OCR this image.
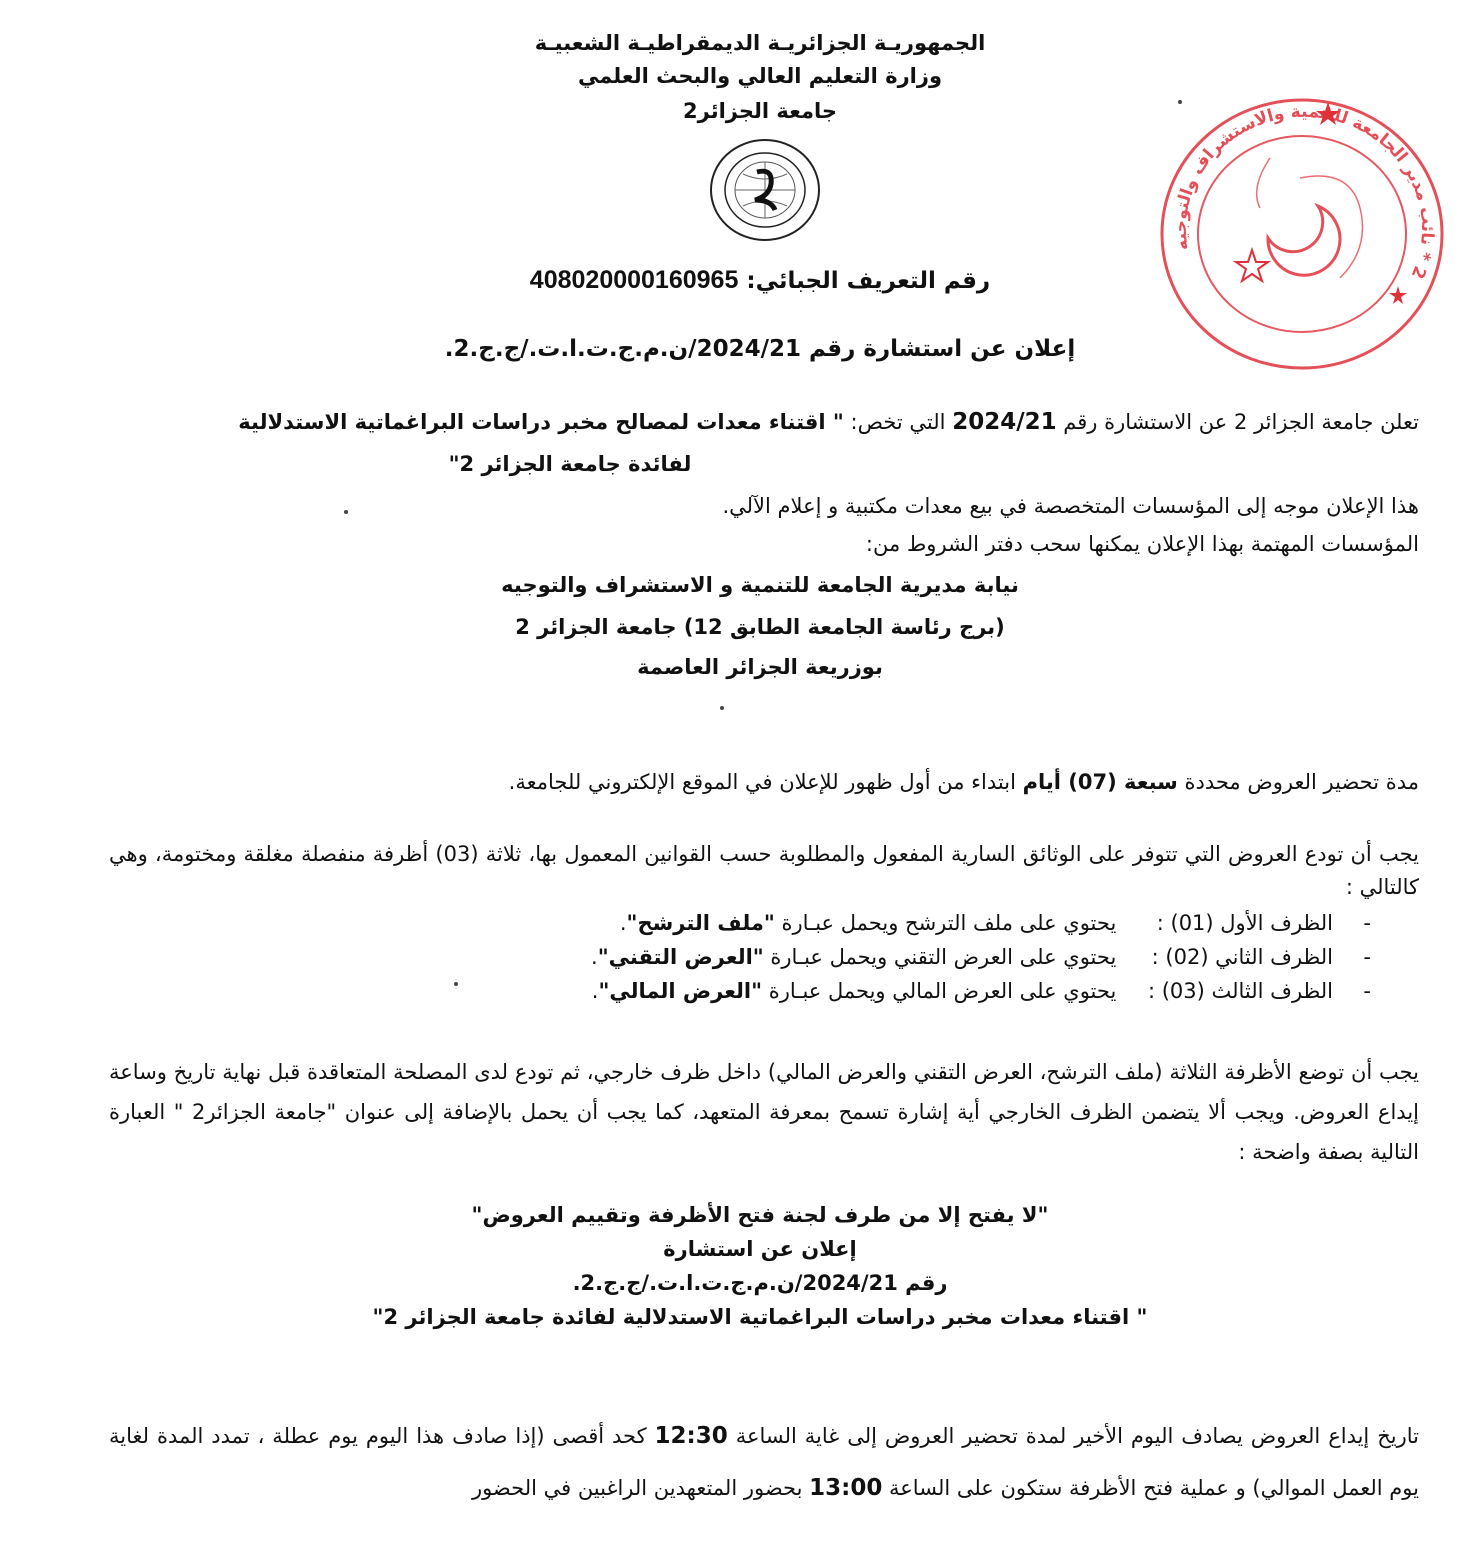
الجمهوريـة الجزائريـة الديمقراطيـة الشعبيـة
وزارة التعليم العالي والبحث العلمي
جامعة الجزائر2
2 * نائب مدير الجامعة للتنمية والاستشراف والتوجيه
رقم التعريف الجبائي: 408020000160965
إعلان عن استشارة رقم 2024/21/ن.م.ج.ت.ا.ت./ج.ج.2.
تعلن جامعة الجزائر 2 عن الاستشارة رقم 2024/21 التي تخص: " اقتناء معدات لمصالح مخبر دراسات البراغماتية الاستدلالية
لفائدة جامعة الجزائر 2"
هذا الإعلان موجه إلى المؤسسات المتخصصة في بيع معدات مكتبية و إعلام الآلي.
المؤسسات المهتمة بهذا الإعلان يمكنها سحب دفتر الشروط من:
نيابة مديرية الجامعة للتنمية و الاستشراف والتوجيه
(برج رئاسة الجامعة الطابق 12) جامعة الجزائر 2
بوزريعة الجزائر العاصمة
مدة تحضير العروض محددة سبعة (07) أيام ابتداء من أول ظهور للإعلان في الموقع الإلكتروني للجامعة.
يجب أن تودع العروض التي تتوفر على الوثائق السارية المفعول والمطلوبة حسب القوانين المعمول بها، ثلاثة (03) أظرفة منفصلة مغلقة ومختومة، وهي كالتالي :
-
الظرف الأول (01) : يحتوي على ملف الترشح ويحمل عبـارة "ملف الترشح".
-
الظرف الثاني (02) : يحتوي على العرض التقني ويحمل عبـارة "العرض التقني".
-
الظرف الثالث (03) : يحتوي على العرض المالي ويحمل عبـارة "العرض المالي".
يجب أن توضع الأظرفة الثلاثة (ملف الترشح، العرض التقني والعرض المالي) داخل ظرف خارجي، ثم تودع لدى المصلحة المتعاقدة قبل نهاية تاريخ وساعة إيداع العروض. ويجب ألا يتضمن الظرف الخارجي أية إشارة تسمح بمعرفة المتعهد، كما يجب أن يحمل بالإضافة إلى عنوان "جامعة الجزائر2 " العبارة التالية بصفة واضحة :
"لا يفتح إلا من طرف لجنة فتح الأظرفة وتقييم العروض"
إعلان عن استشارة
رقم 2024/21/ن.م.ج.ت.ا.ت./ج.ج.2.
" اقتناء معدات مخبر دراسات البراغماتية الاستدلالية لفائدة جامعة الجزائر 2"
تاريخ إيداع العروض يصادف اليوم الأخير لمدة تحضير العروض إلى غاية الساعة 12:30 كحد أقصى (إذا صادف هذا اليوم يوم عطلة ، تمدد المدة لغاية يوم العمل الموالي) و عملية فتح الأظرفة ستكون على الساعة 13:00 بحضور المتعهدين الراغبين في الحضور
